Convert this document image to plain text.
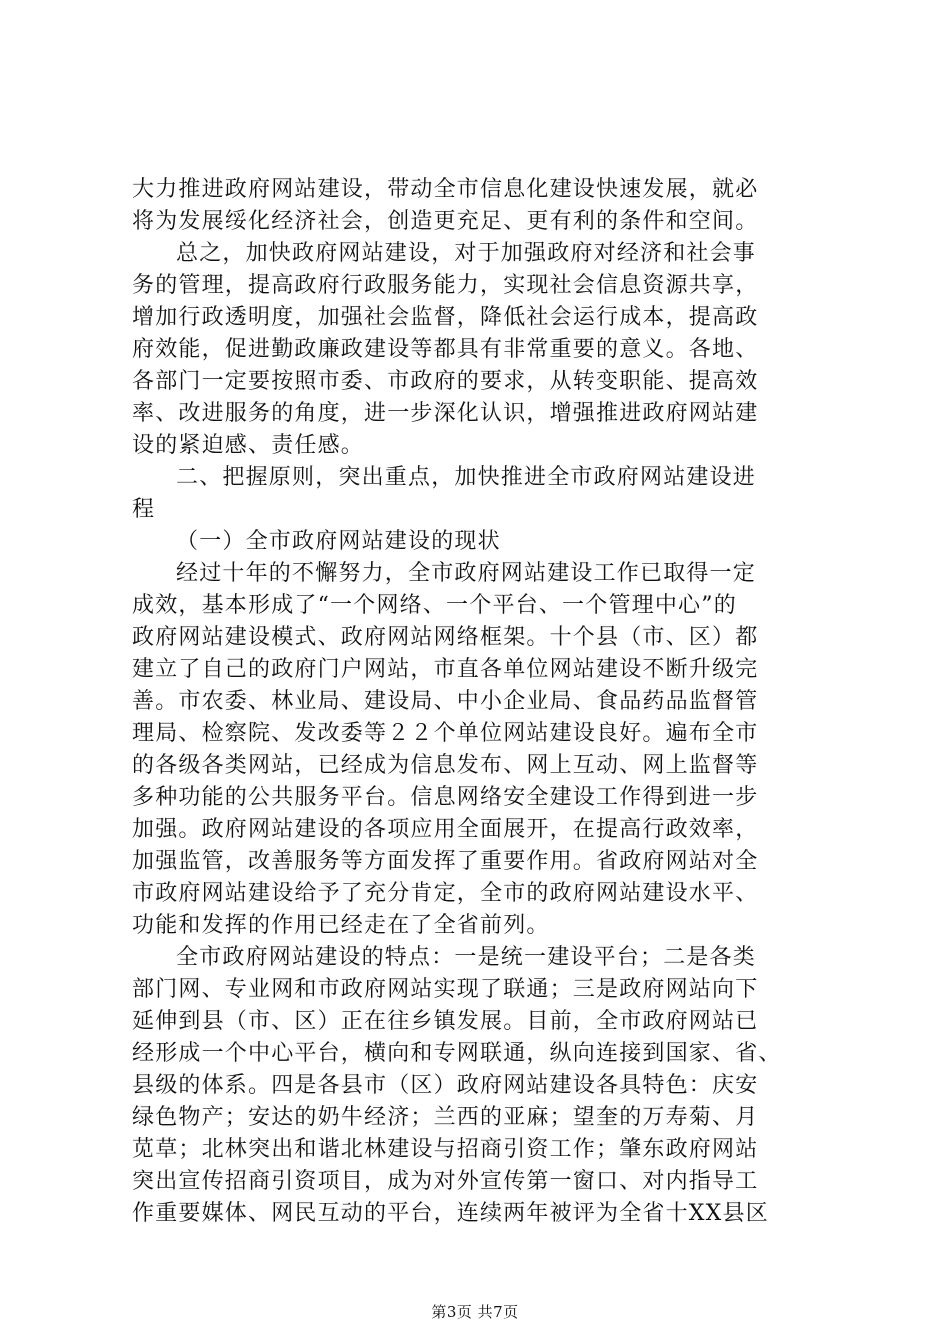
大力推进政府网站建设，带动全市信息化建设快速发展，就必
将为发展绥化经济社会，创造更充足、更有利的条件和空间。
总之，加快政府网站建设，对于加强政府对经济和社会事
务的管理，提高政府行政服务能力，实现社会信息资源共享，
增加行政透明度，加强社会监督，降低社会运行成本，提高政
府效能，促进勤政廉政建设等都具有非常重要的意义。各地、
各部门一定要按照市委、市政府的要求，从转变职能、提高效
率、改进服务的角度，进一步深化认识，增强推进政府网站建
设的紧迫感、责任感。
二、把握原则，突出重点，加快推进全市政府网站建设进
程
（一）全市政府网站建设的现状
经过十年的不懈努力，全市政府网站建设工作已取得一定
成效，基本形成了“一个网络、一个平台、一个管理中心”的
政府网站建设模式、政府网站网络框架。十个县（市、区）都
建立了自己的政府门户网站，市直各单位网站建设不断升级完
善。市农委、林业局、建设局、中小企业局、食品药品监督管
理局、检察院、发改委等２２个单位网站建设良好。遍布全市
的各级各类网站，已经成为信息发布、网上互动、网上监督等
多种功能的公共服务平台。信息网络安全建设工作得到进一步
加强。政府网站建设的各项应用全面展开，在提高行政效率，
加强监管，改善服务等方面发挥了重要作用。省政府网站对全
市政府网站建设给予了充分肯定，全市的政府网站建设水平、
功能和发挥的作用已经走在了全省前列。
全市政府网站建设的特点：一是统一建设平台；二是各类
部门网、专业网和市政府网站实现了联通；三是政府网站向下
延伸到县（市、区）正在往乡镇发展。目前，全市政府网站已
经形成一个中心平台，横向和专网联通，纵向连接到国家、省、
县级的体系。四是各县市（区）政府网站建设各具特色：庆安
绿色物产；安达的奶牛经济；兰西的亚麻；望奎的万寿菊、月
苋草；北林突出和谐北林建设与招商引资工作；肇东政府网站
突出宣传招商引资项目，成为对外宣传第一窗口、对内指导工
作重要媒体、网民互动的平台，连续两年被评为全省十XX县区
第3页 共7页
